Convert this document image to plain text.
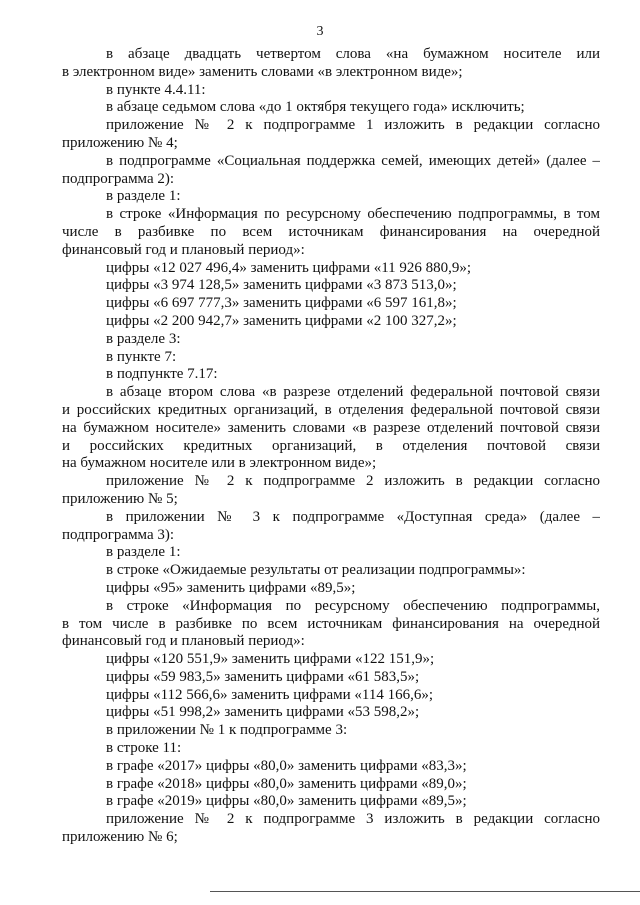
3
в абзаце двадцать четвертом слова «на бумажном носителе или
в электронном виде» заменить словами «в электронном виде»;
в пункте 4.4.11:
в абзаце седьмом слова «до 1 октября текущего года» исключить;
приложение № 2 к подпрограмме 1 изложить в редакции согласно
приложению № 4;
в подпрограмме «Социальная поддержка семей, имеющих детей» (далее –
подпрограмма 2):
в разделе 1:
в строке «Информация по ресурсному обеспечению подпрограммы, в том
числе в разбивке по всем источникам финансирования на очередной
финансовый год и плановый период»:
цифры «12 027 496,4» заменить цифрами «11 926 880,9»;
цифры «3 974 128,5» заменить цифрами «3 873 513,0»;
цифры «6 697 777,3» заменить цифрами «6 597 161,8»;
цифры «2 200 942,7» заменить цифрами «2 100 327,2»;
в разделе 3:
в пункте 7:
в подпункте 7.17:
в абзаце втором слова «в разрезе отделений федеральной почтовой связи
и российских кредитных организаций, в отделения федеральной почтовой связи
на бумажном носителе» заменить словами «в разрезе отделений почтовой связи
и российских кредитных организаций, в отделения почтовой связи
на бумажном носителе или в электронном виде»;
приложение № 2 к подпрограмме 2 изложить в редакции согласно
приложению № 5;
в приложении № 3 к подпрограмме «Доступная среда» (далее –
подпрограмма 3):
в разделе 1:
в строке «Ожидаемые результаты от реализации подпрограммы»:
цифры «95» заменить цифрами «89,5»;
в строке «Информация по ресурсному обеспечению подпрограммы,
в том числе в разбивке по всем источникам финансирования на очередной
финансовый год и плановый период»:
цифры «120 551,9» заменить цифрами «122 151,9»;
цифры «59 983,5» заменить цифрами «61 583,5»;
цифры «112 566,6» заменить цифрами «114 166,6»;
цифры «51 998,2» заменить цифрами «53 598,2»;
в приложении № 1 к подпрограмме 3:
в строке 11:
в графе «2017» цифры «80,0» заменить цифрами «83,3»;
в графе «2018» цифры «80,0» заменить цифрами «89,0»;
в графе «2019» цифры «80,0» заменить цифрами «89,5»;
приложение № 2 к подпрограмме 3 изложить в редакции согласно
приложению № 6;
